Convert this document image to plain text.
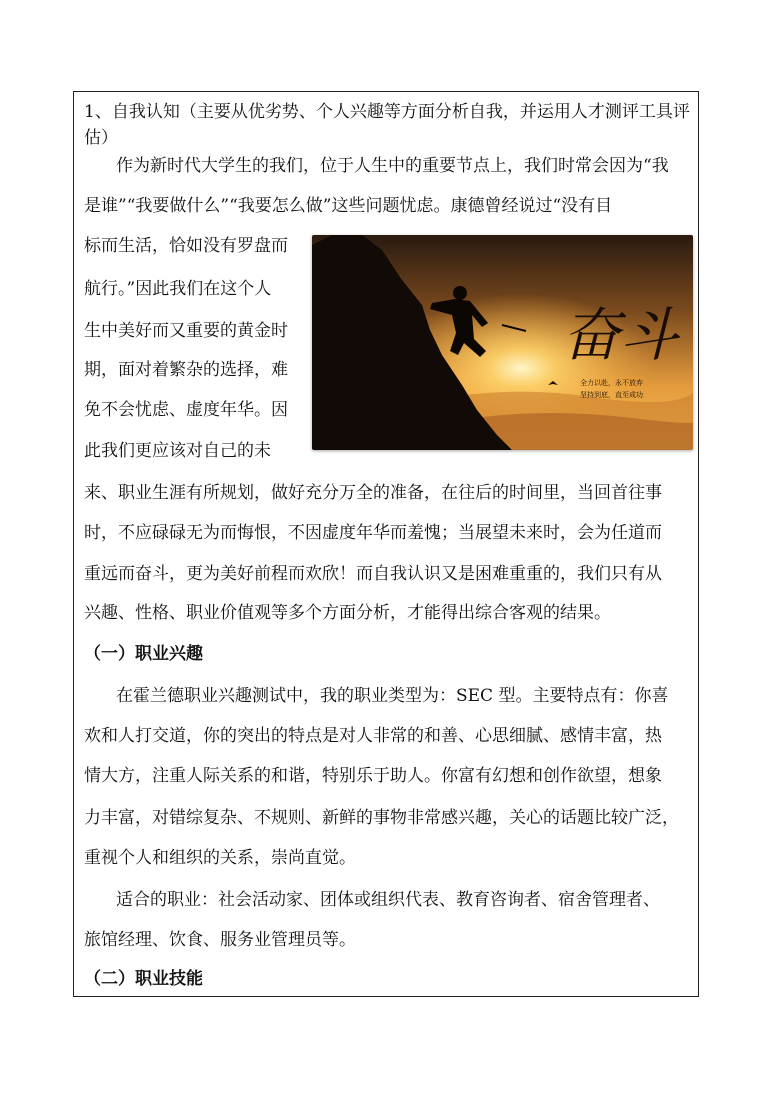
1、自我认知（主要从优劣势、个人兴趣等方面分析自我，并运用人才测评工具评估）
作为新时代大学生的我们，位于人生中的重要节点上，我们时常会因为“我
是谁”“我要做什么”“我要怎么做”这些问题忧虑。康德曾经说过“没有目
标而生活，恰如没有罗盘而
航行。”因此我们在这个人
生中美好而又重要的黄金时
期，面对着繁杂的选择，难
免不会忧虑、虚度年华。因
此我们更应该对自己的未
来、职业生涯有所规划，做好充分万全的准备，在往后的时间里，当回首往事
时，不应碌碌无为而悔恨，不因虚度年华而羞愧；当展望未来时，会为任道而
重远而奋斗，更为美好前程而欢欣！而自我认识又是困难重重的，我们只有从
兴趣、性格、职业价值观等多个方面分析，才能得出综合客观的结果。
奋斗
全力以赴，永不放弃
坚持到底，直至成功
（一）职业兴趣
在霍兰德职业兴趣测试中，我的职业类型为：SEC 型。主要特点有：你喜
欢和人打交道，你的突出的特点是对人非常的和善、心思细腻、感情丰富，热
情大方，注重人际关系的和谐，特别乐于助人。你富有幻想和创作欲望，想象
力丰富，对错综复杂、不规则、新鲜的事物非常感兴趣，关心的话题比较广泛，
重视个人和组织的关系，崇尚直觉。
适合的职业：社会活动家、团体或组织代表、教育咨询者、宿舍管理者、
旅馆经理、饮食、服务业管理员等。
（二）职业技能
